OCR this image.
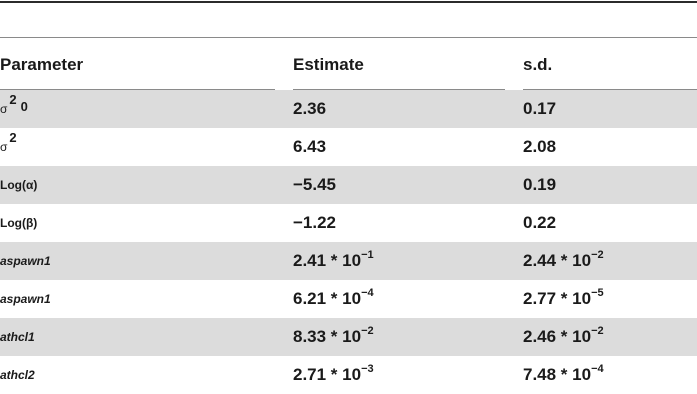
Parameter	Estimate	s.d.
σ2 0	2.36	0.17
σ2	6.43	2.08
Log(α)	−5.45	0.19
Log(β)	−1.22	0.22
aspawn1	$2.41 * 10^{-1}$	$2.44 * 10^{-2}$
aspawn1	$6.21 * 10^{-4}$	$2.77 * 10^{-5}$
athcl1	$8.33 * 10^{-2}$	$2.46 * 10^{-2}$
athcl2	$2.71 * 10^{-3}$	$7.48 * 10^{-4}$
